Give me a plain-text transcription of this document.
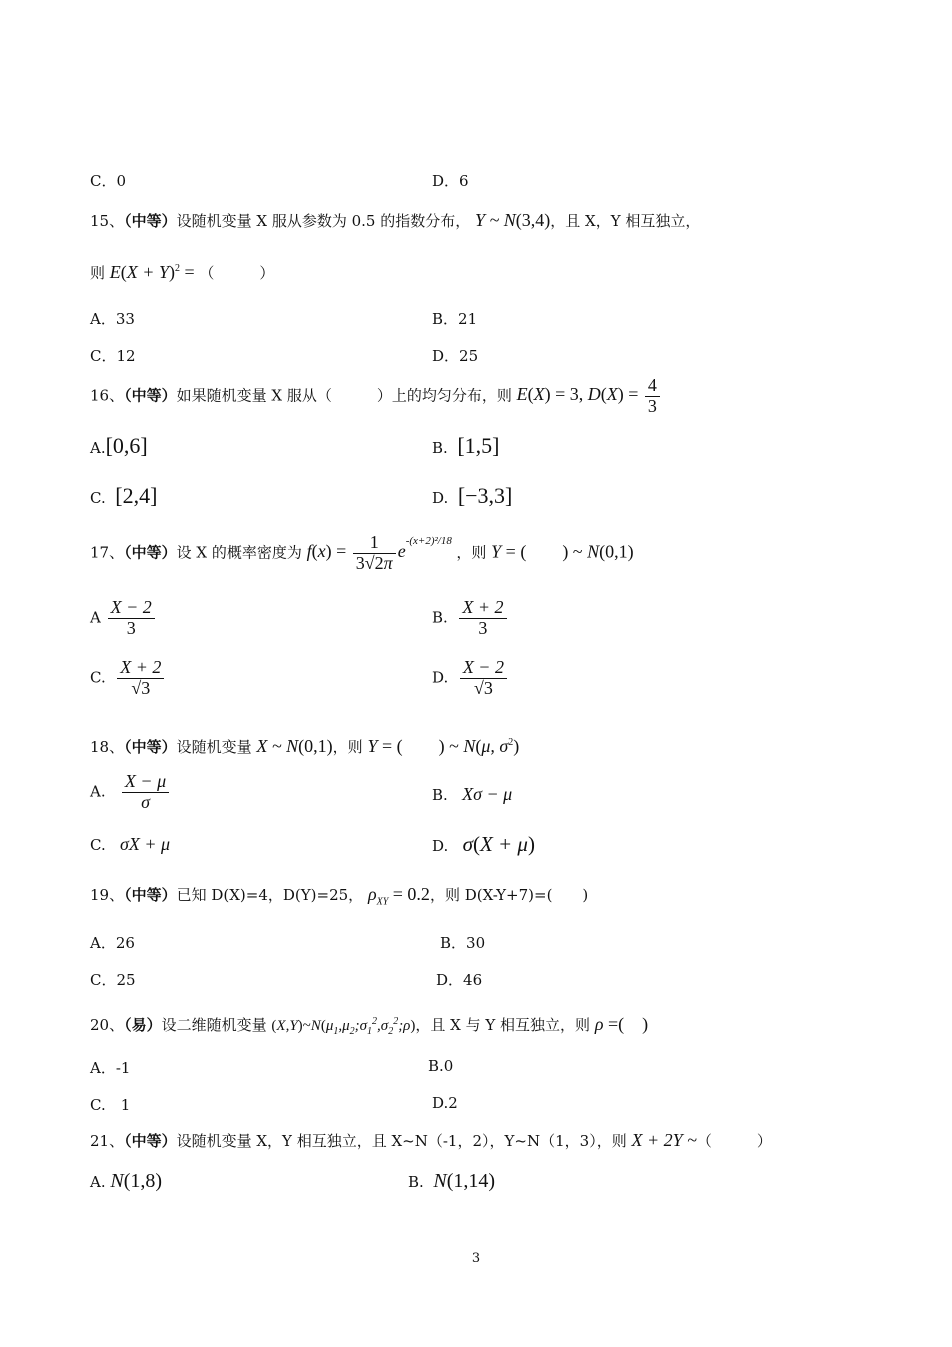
C．0	D．6
15、（中等）设随机变量 X 服从参数为 0.5 的指数分布， Y ~ N(3,4)，且 X，Y 相互独立，
则 $E(X + Y)^2$ = （　　　）
A．33	B．21
C．12	D．25
16、（中等）如果随机变量 X 服从（　　　）上的均匀分布，则 E(X) = 3, $D(X) = \frac{4}{3}$
A.[0,6]	B. [1,5]
C. [2,4]	D. [−3,3]
17、（中等）设 X 的概率密度为 $f(x) = \frac{1}{3√2\pi} e^{-(x+2)^2/18}$ ，则 Y = (　　) ~ N(0,1)
A $\frac{X - 2}{3}$	B. $\frac{X + 2}{3}$
C. $\frac{X + 2}{√3}$	D. $\frac{X - 2}{√3}$
18、（中等）设随机变量 X ~ N(0,1)，则 Y = (　　) ~ N(μ, $\sigma^2$)
A. $\frac{X - \mu}{\sigma}$	B. Xσ − μ
C. σX + μ	D. σ(X + μ)
19、（中等）已知 D(X)=4，D(Y)=25， $\rho_{XY} = 0.2$，则 D(X-Y+7)=(　　)
A．26	B．30
C．25	D．46
20、（易）设二维随机变量 $(X,Y)\sim N(\mu_1,\mu_2;\sigma_1^2,\sigma_2^2;\rho)$，且 X 与 Y 相互独立，则 ρ =(　)
A．-1	B.0
C.　1	D.2
21、（中等）设随机变量 X，Y 相互独立，且 X~N（-1，2），Y~N（1，3），则 X + 2Y ~（　　　）
A. N(1,8)	B. N(1,14)
3
